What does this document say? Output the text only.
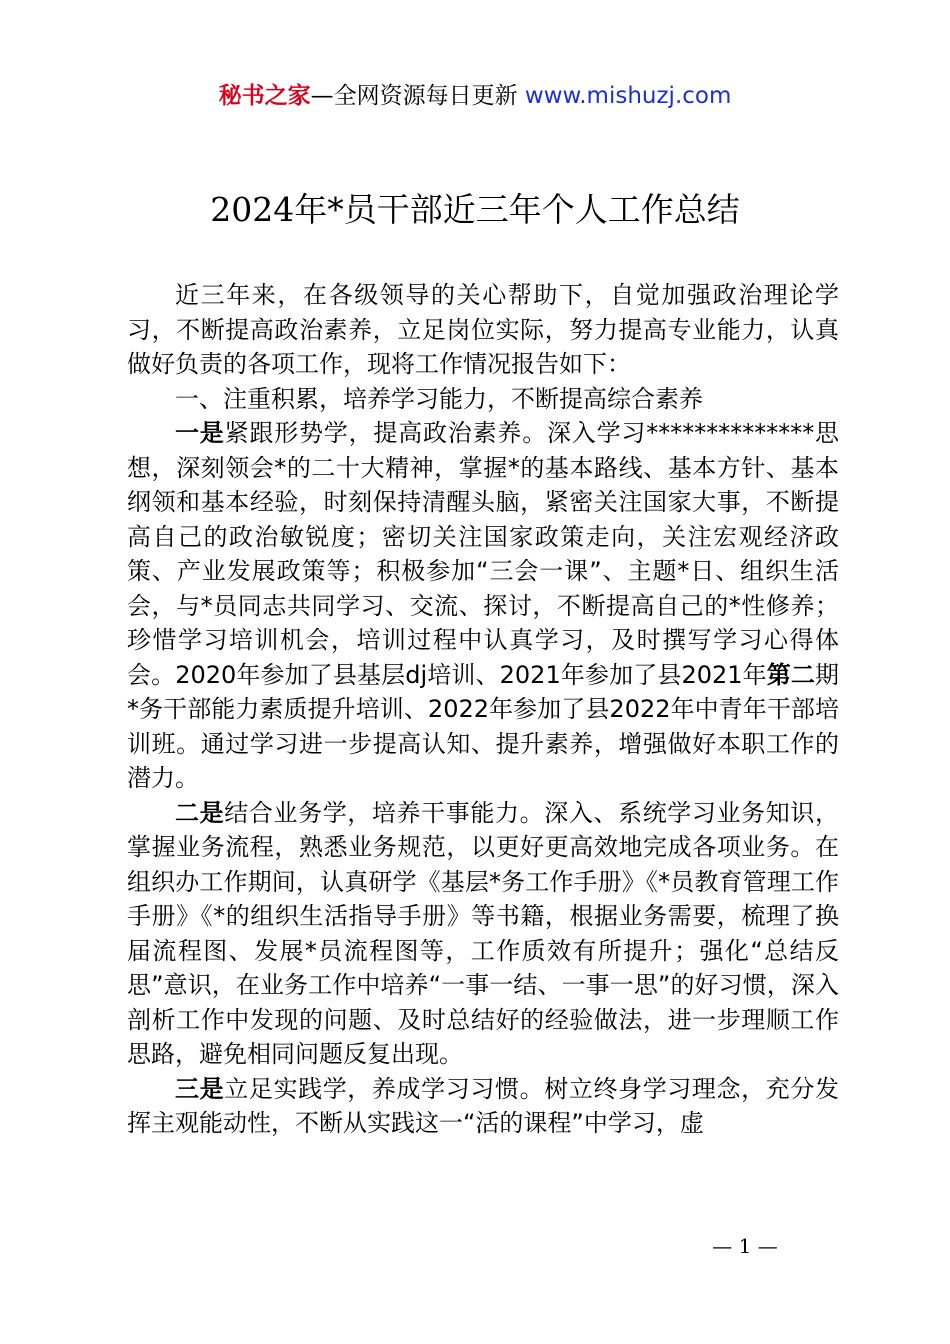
秘书之家—全网资源每日更新 www.mishuzj.com
2024年*员干部近三年个人工作总结

近三年来，在各级领导的关心帮助下，自觉加强政治理论学习，不断提高政治素养，立足岗位实际，努力提高专业能力，认真做好负责的各项工作，现将工作情况报告如下：

一、注重积累，培养学习能力，不断提高综合素养

一是紧跟形势学，提高政治素养。深入学习**************思想，深刻领会*的二十大精神，掌握*的基本路线、基本方针、基本纲领和基本经验，时刻保持清醒头脑，紧密关注国家大事，不断提高自己的政治敏锐度；密切关注国家政策走向，关注宏观经济政策、产业发展政策等；积极参加“三会一课”、主题*日、组织生活会，与*员同志共同学习、交流、探讨，不断提高自己的*性修养；珍惜学习培训机会，培训过程中认真学习，及时撰写学习心得体会。2020年参加了县基层dj培训、2021年参加了县2021年第二期*务干部能力素质提升培训、2022年参加了县2022年中青年干部培训班。通过学习进一步提高认知、提升素养，增强做好本职工作的潜力。

二是结合业务学，培养干事能力。深入、系统学习业务知识，掌握业务流程，熟悉业务规范，以更好更高效地完成各项业务。在组织办工作期间，认真研学《基层*务工作手册》《*员教育管理工作手册》《*的组织生活指导手册》等书籍，根据业务需要，梳理了换届流程图、发展*员流程图等，工作质效有所提升；强化“总结反思”意识，在业务工作中培养“一事一结、一事一思”的好习惯，深入剖析工作中发现的问题、及时总结好的经验做法，进一步理顺工作思路，避免相同问题反复出现。

三是立足实践学，养成学习习惯。树立终身学习理念，充分发挥主观能动性，不断从实践这一“活的课程”中学习，虚

— 1 —
